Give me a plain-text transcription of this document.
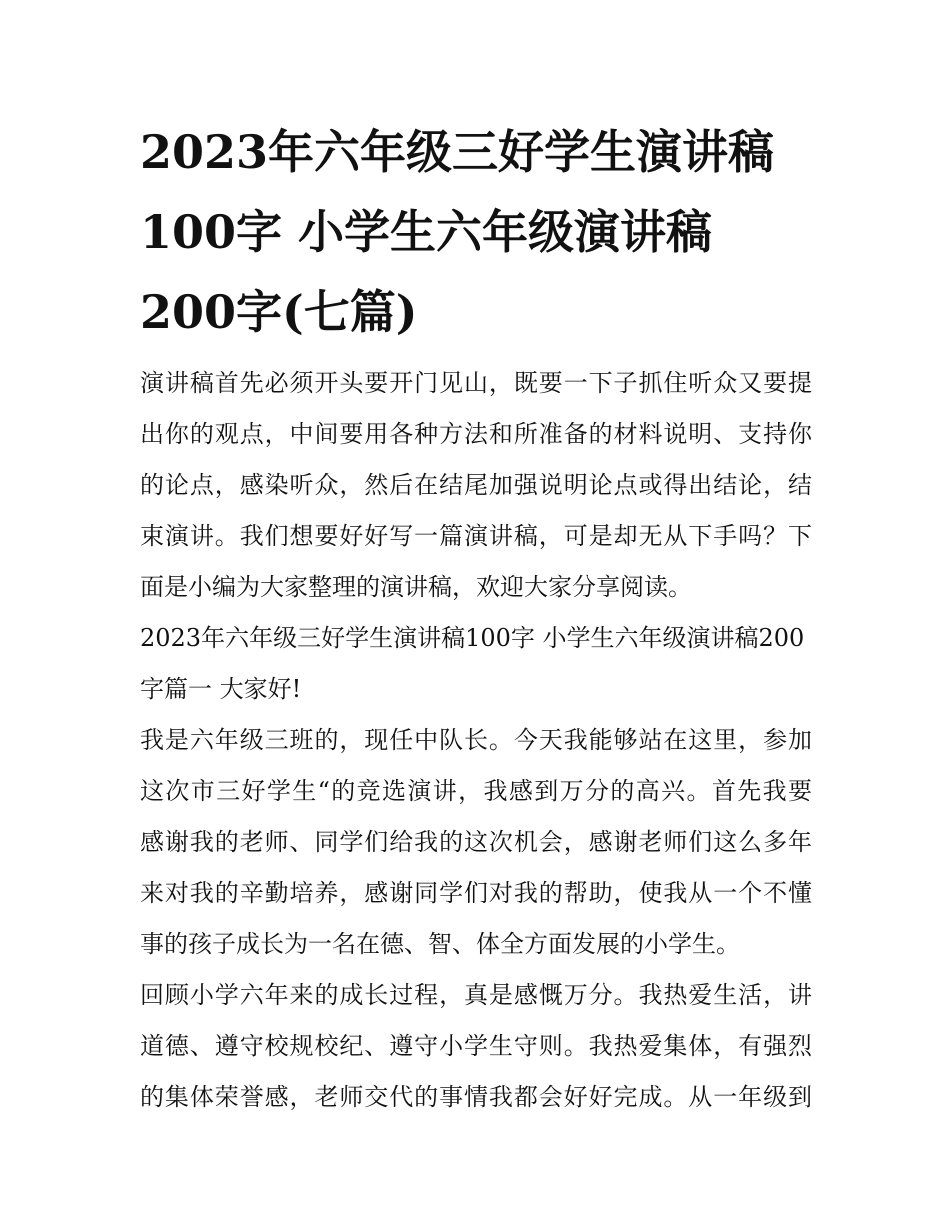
2023年六年级三好学生演讲稿
100字 小学生六年级演讲稿
200字(七篇)

演讲稿首先必须开头要开门见山，既要一下子抓住听众又要提
出你的观点，中间要用各种方法和所准备的材料说明、支持你
的论点，感染听众，然后在结尾加强说明论点或得出结论，结
束演讲。我们想要好好写一篇演讲稿，可是却无从下手吗？下
面是小编为大家整理的演讲稿，欢迎大家分享阅读。

2023年六年级三好学生演讲稿100字 小学生六年级演讲稿200
字篇一 大家好!

我是六年级三班的，现任中队长。今天我能够站在这里，参加
这次市三好学生“的竞选演讲，我感到万分的高兴。首先我要
感谢我的老师、同学们给我的这次机会，感谢老师们这么多年
来对我的辛勤培养，感谢同学们对我的帮助，使我从一个不懂
事的孩子成长为一名在德、智、体全方面发展的小学生。

回顾小学六年来的成长过程，真是感慨万分。我热爱生活，讲
道德、遵守校规校纪、遵守小学生守则。我热爱集体，有强烈
的集体荣誉感，老师交代的事情我都会好好完成。从一年级到
